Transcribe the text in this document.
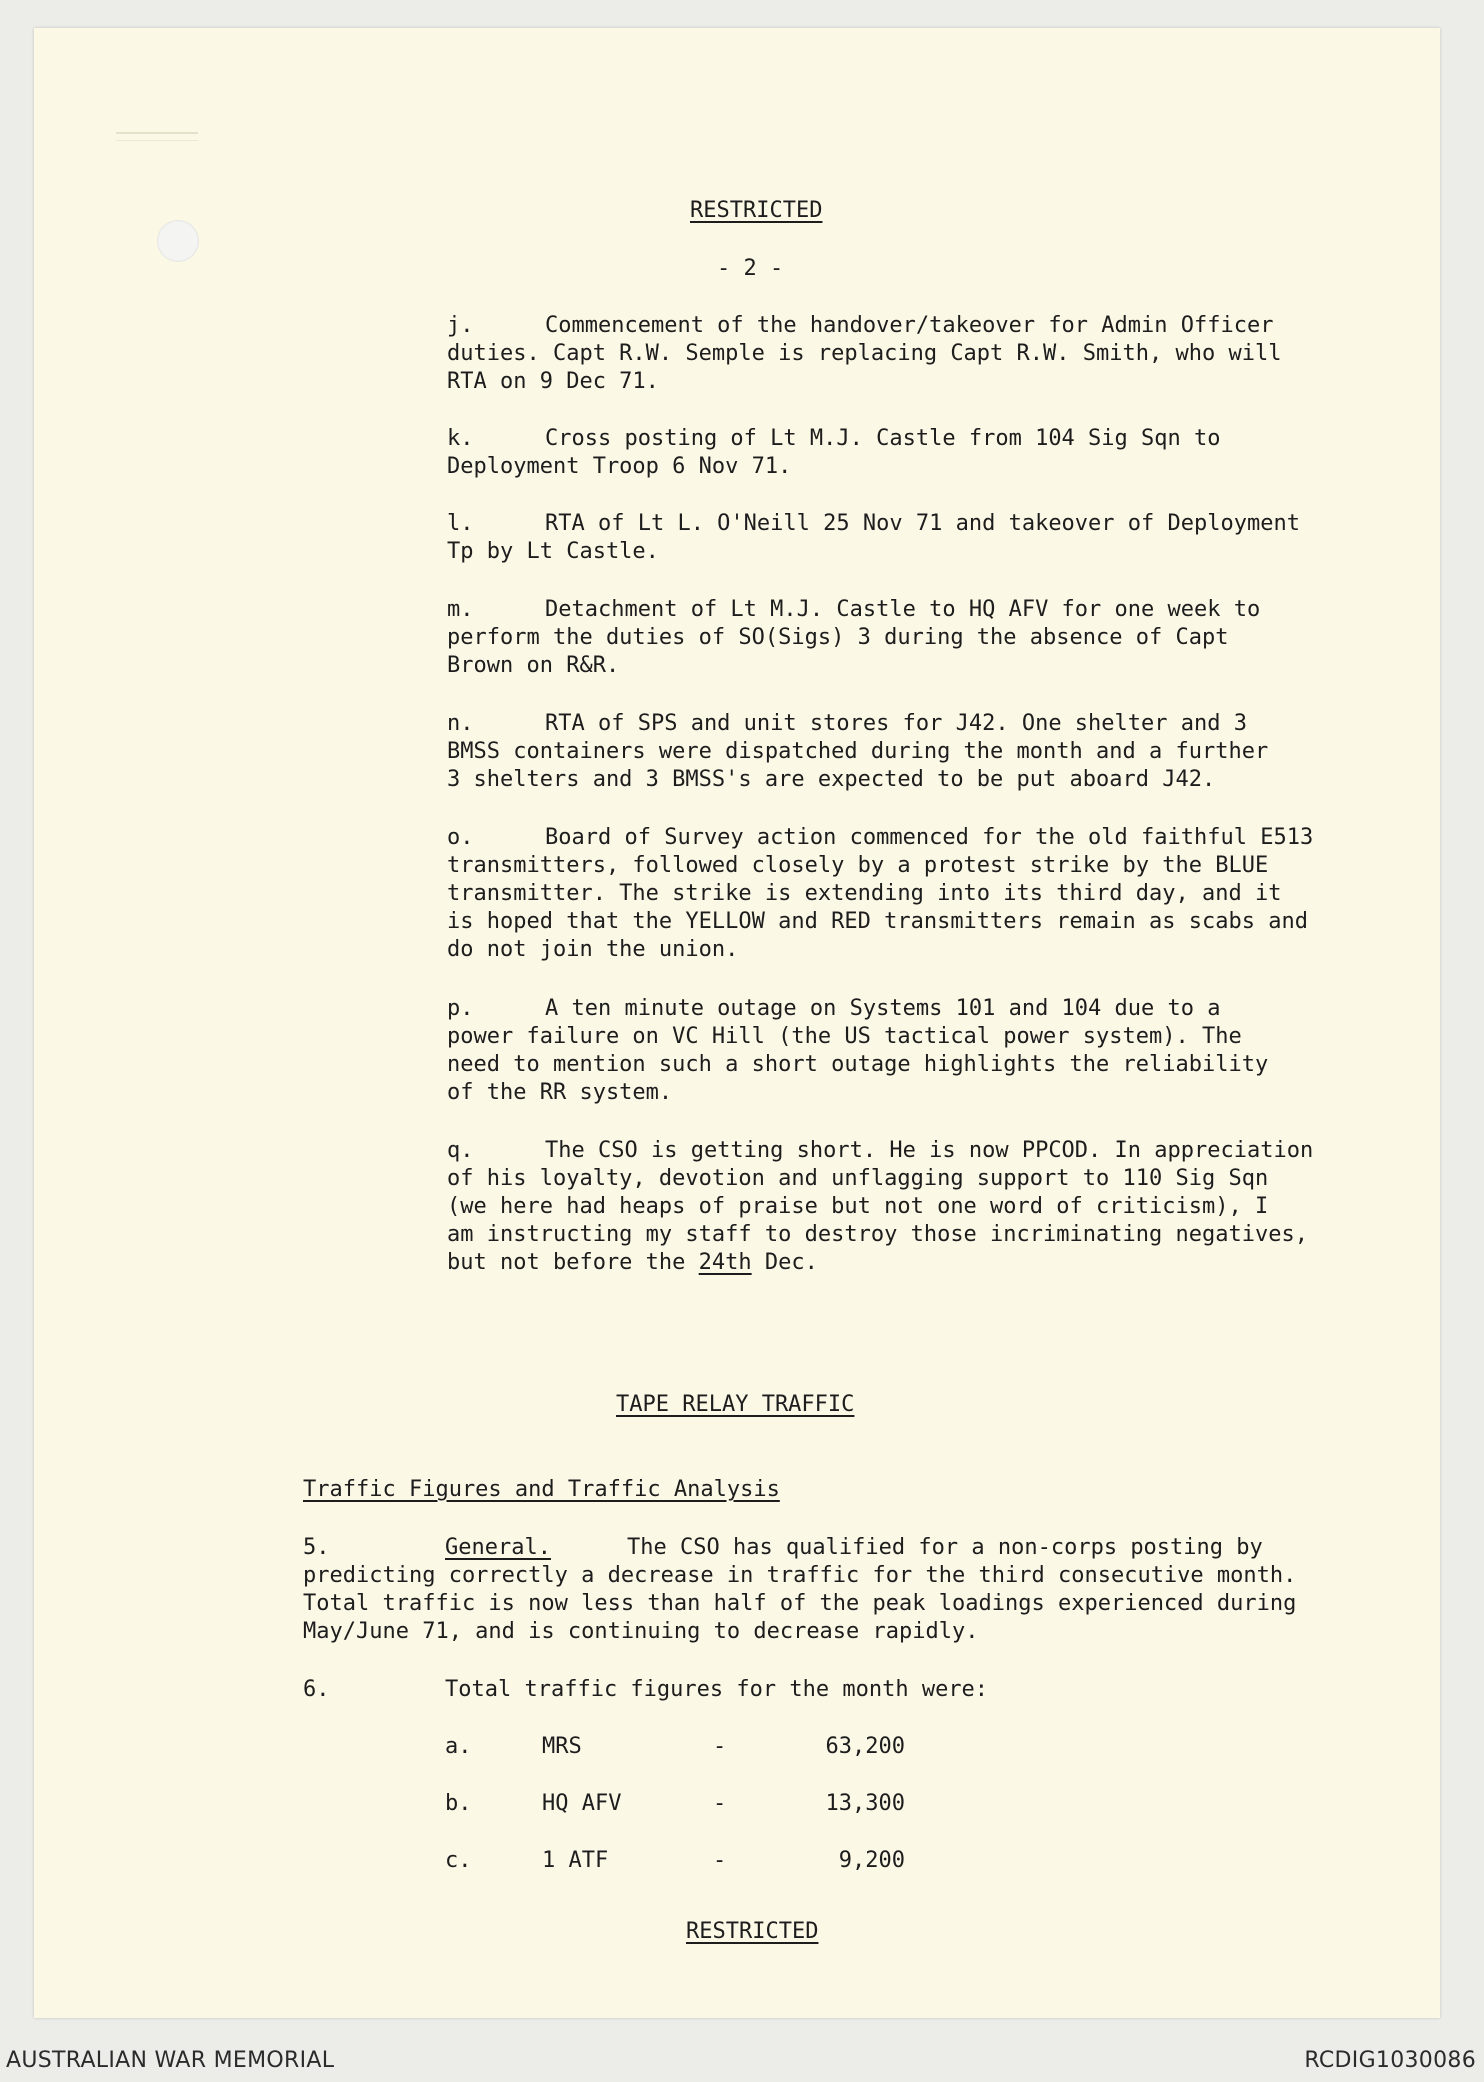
RESTRICTED
- 2 -
j.	Commencement of the handover/takeover for Admin Officer
duties. Capt R.W. Semple is replacing Capt R.W. Smith, who will
RTA on 9 Dec 71.
k.	Cross posting of Lt M.J. Castle from 104 Sig Sqn to
Deployment Troop 6 Nov 71.
l.	RTA of Lt L. O'Neill 25 Nov 71 and takeover of Deployment
Tp by Lt Castle.
m.	Detachment of Lt M.J. Castle to HQ AFV for one week to
perform the duties of SO(Sigs) 3 during the absence of Capt
Brown on R&R.
n.	RTA of SPS and unit stores for J42. One shelter and 3
BMSS containers were dispatched during the month and a further
3 shelters and 3 BMSS's are expected to be put aboard J42.
o.	Board of Survey action commenced for the old faithful E513
transmitters, followed closely by a protest strike by the BLUE
transmitter. The strike is extending into its third day, and it
is hoped that the YELLOW and RED transmitters remain as scabs and
do not join the union.
p.	A ten minute outage on Systems 101 and 104 due to a
power failure on VC Hill (the US tactical power system). The
need to mention such a short outage highlights the reliability
of the RR system.
q.	The CSO is getting short. He is now PPCOD. In appreciation
of his loyalty, devotion and unflagging support to 110 Sig Sqn
(we here had heaps of praise but not one word of criticism), I
am instructing my staff to destroy those incriminating negatives,
but not before the 24th Dec.
TAPE RELAY TRAFFIC
Traffic Figures and Traffic Analysis
5.	General.	The CSO has qualified for a non-corps posting by
predicting correctly a decrease in traffic for the third consecutive month.
Total traffic is now less than half of the peak loadings experienced during
May/June 71, and is continuing to decrease rapidly.
6.	Total traffic figures for the month were:
a.	MRS	-	63,200
b.	HQ AFV	-	13,300
c.	1 ATF	-	9,200
RESTRICTED
AUSTRALIAN WAR MEMORIAL	RCDIG1030086
